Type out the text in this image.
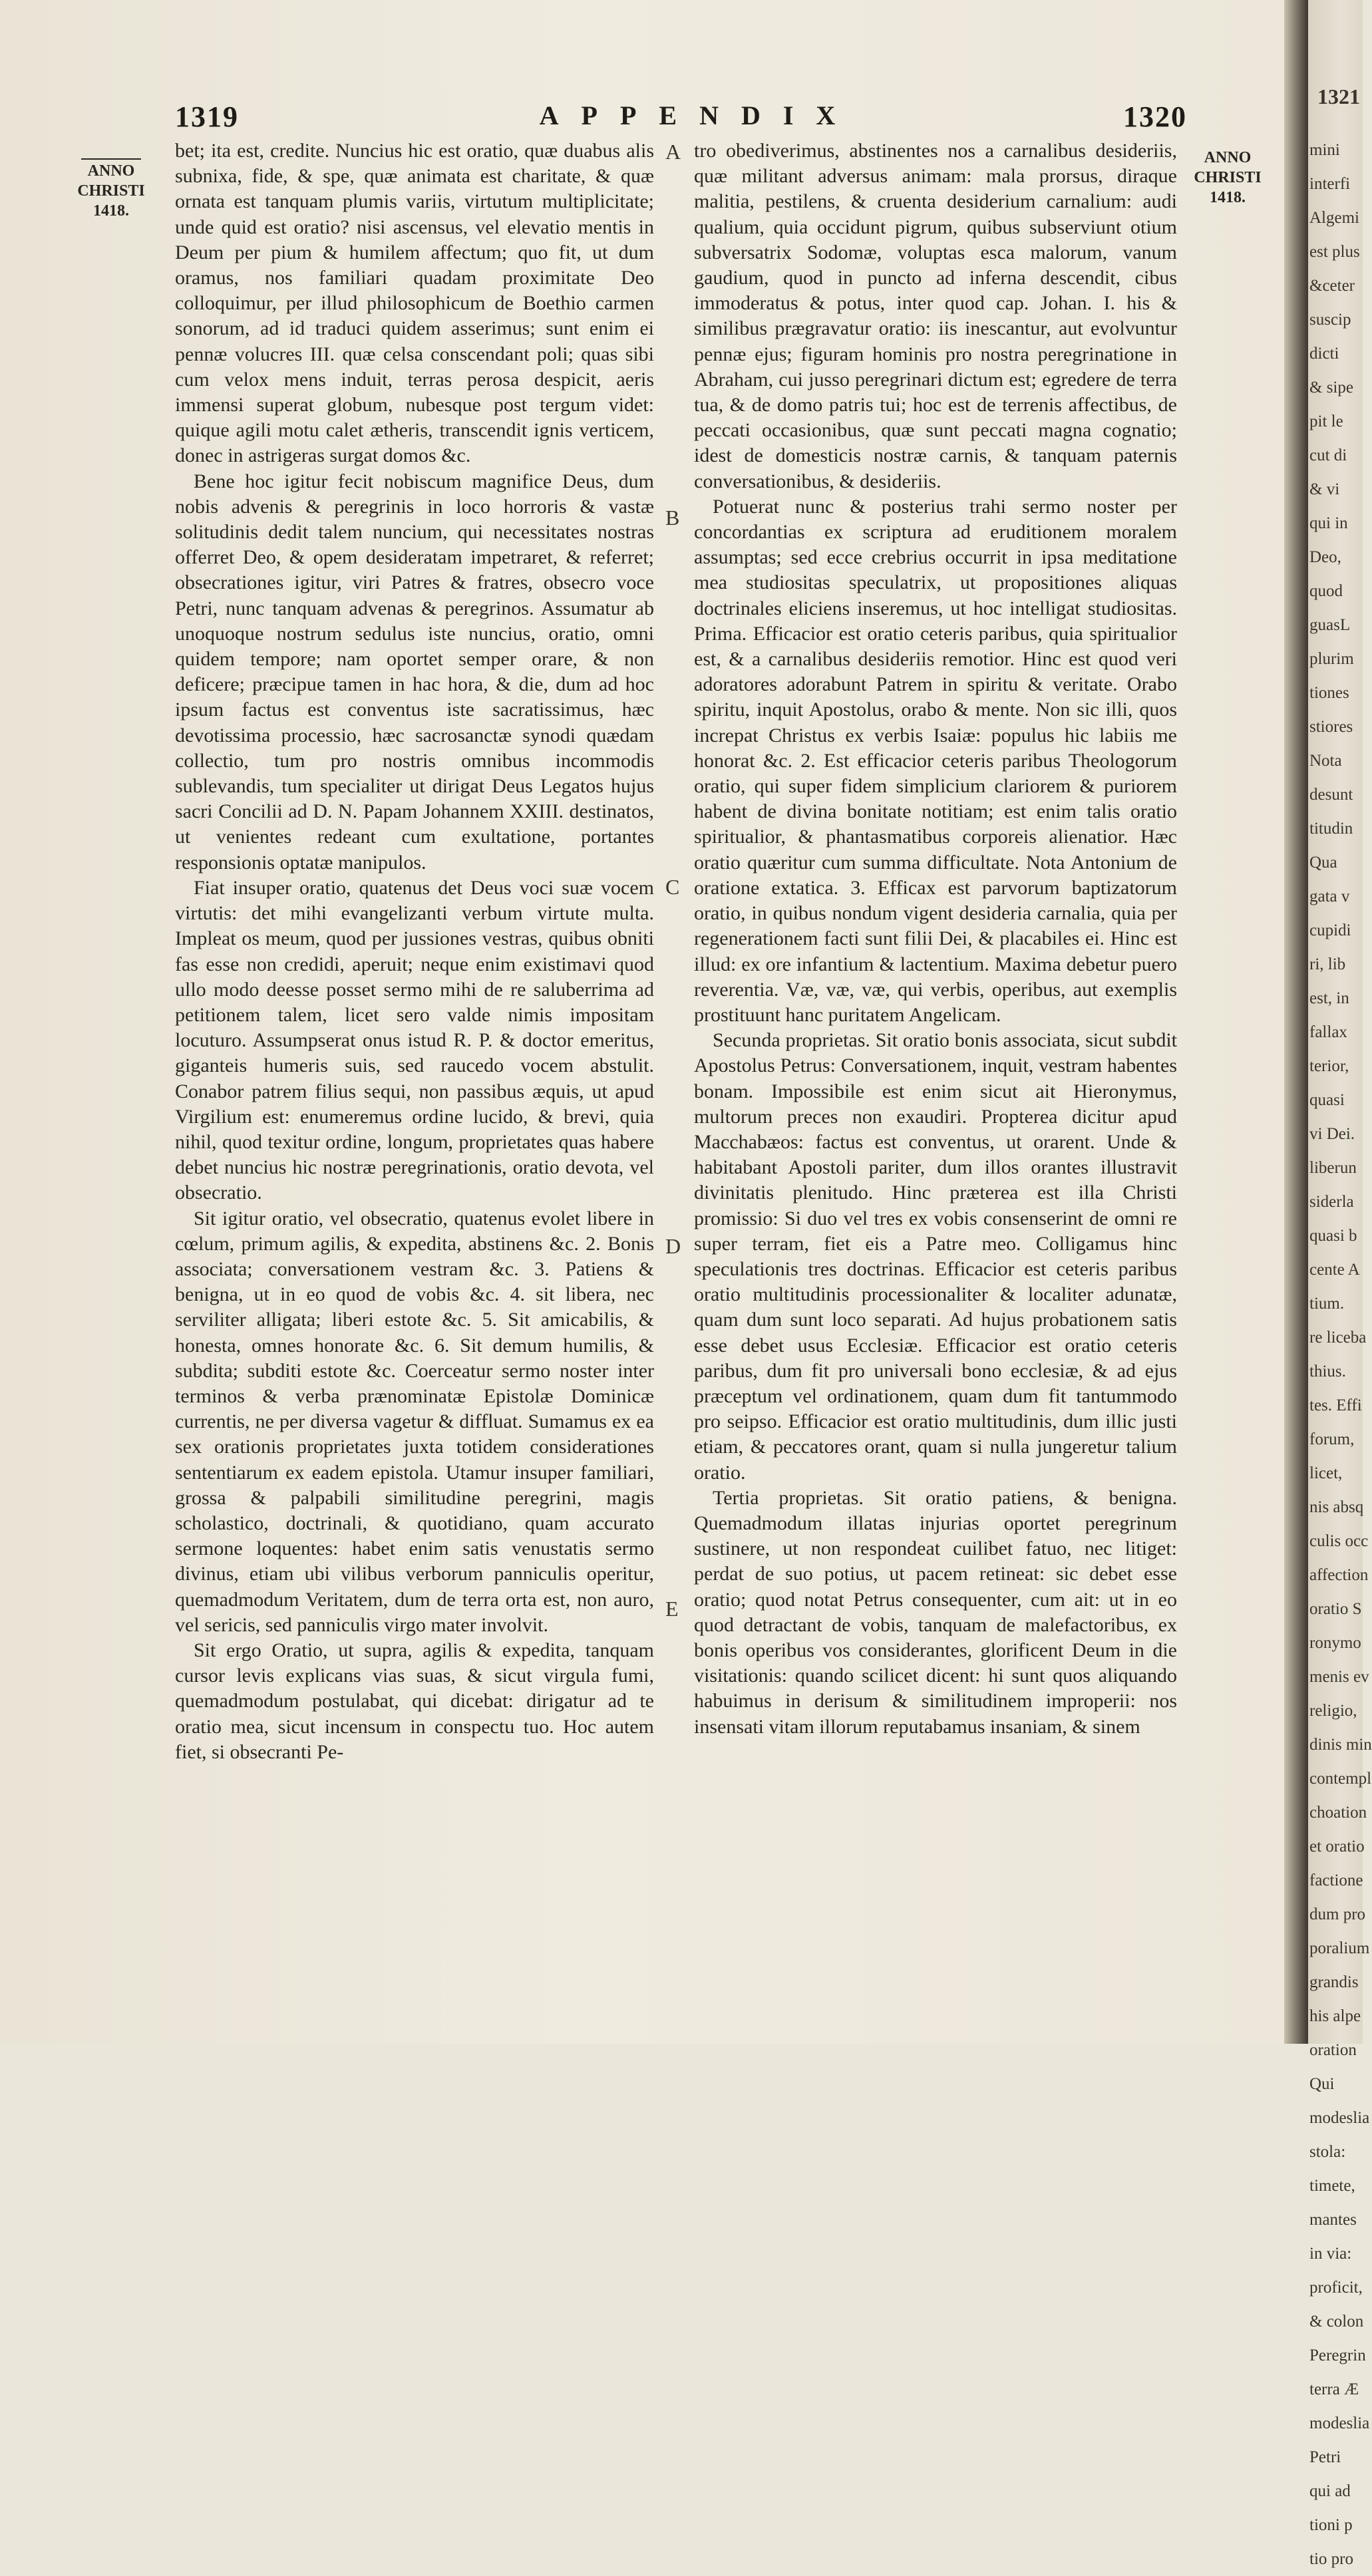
1319	APPENDIX	1320
ANNO
CHRISTI
1418.
ANNO
CHRISTI
1418.
A
B
C
D
E

bet; ita est, credite. Nuncius hic est oratio, quæ duabus alis subnixa, fide, & spe, quæ animata est charitate, & quæ ornata est tanquam plumis variis, virtutum multiplicitate; unde quid est oratio? nisi ascensus, vel elevatio mentis in Deum per pium & humilem affectum; quo fit, ut dum oramus, nos familiari quadam proximitate Deo colloquimur, per illud philosophicum de Boethio carmen sonorum, ad id traduci quidem asserimus; sunt enim ei pennæ volucres III. quæ celsa conscendant poli; quas sibi cum velox mens induit, terras perosa despicit, aeris immensi superat globum, nubesque post tergum videt: quique agili motu calet ætheris, transcendit ignis verticem, donec in astrigeras surgat domos &c.

Bene hoc igitur fecit nobiscum magnifice Deus, dum nobis advenis & peregrinis in loco horroris & vastæ solitudinis dedit talem nuncium, qui necessitates nostras offerret Deo, & opem desideratam impetraret, & referret; obsecrationes igitur, viri Patres & fratres, obsecro voce Petri, nunc tanquam advenas & peregrinos. Assumatur ab unoquoque nostrum sedulus iste nuncius, oratio, omni quidem tempore; nam oportet semper orare, & non deficere; præcipue tamen in hac hora, & die, dum ad hoc ipsum factus est conventus iste sacratissimus, hæc devotissima processio, hæc sacrosanctæ synodi quædam collectio, tum pro nostris omnibus incommodis sublevandis, tum specialiter ut dirigat Deus Legatos hujus sacri Concilii ad D. N. Papam Johannem XXIII. destinatos, ut venientes redeant cum exultatione, portantes responsionis optatæ manipulos.

Fiat insuper oratio, quatenus det Deus voci suæ vocem virtutis: det mihi evangelizanti verbum virtute multa. Impleat os meum, quod per jussiones vestras, quibus obniti fas esse non credidi, aperuit; neque enim existimavi quod ullo modo deesse posset sermo mihi de re saluberrima ad petitionem talem, licet sero valde nimis impositam locuturo. Assumpserat onus istud R. P. & doctor emeritus, giganteis humeris suis, sed raucedo vocem abstulit. Conabor patrem filius sequi, non passibus æquis, ut apud Virgilium est: enumeremus ordine lucido, & brevi, quia nihil, quod texitur ordine, longum, proprietates quas habere debet nuncius hic nostræ peregrinationis, oratio devota, vel obsecratio.

Sit igitur oratio, vel obsecratio, quatenus evolet libere in cœlum, primum agilis, & expedita, abstinens &c. 2. Bonis associata; conversationem vestram &c. 3. Patiens & benigna, ut in eo quod de vobis &c. 4. sit libera, nec serviliter alligata; liberi estote &c. 5. Sit amicabilis, & honesta, omnes honorate &c. 6. Sit demum humilis, & subdita; subditi estote &c. Coerceatur sermo noster inter terminos & verba prænominatæ Epistolæ Dominicæ currentis, ne per diversa vagetur & diffluat. Sumamus ex ea sex orationis proprietates juxta totidem considerationes sententiarum ex eadem epistola. Utamur insuper familiari, grossa & palpabili similitudine peregrini, magis scholastico, doctrinali, & quotidiano, quam accurato sermone loquentes: habet enim satis venustatis sermo divinus, etiam ubi vilibus verborum panniculis operitur, quemadmodum Veritatem, dum de terra orta est, non auro, vel sericis, sed panniculis virgo mater involvit.

Sit ergo Oratio, ut supra, agilis & expedita, tanquam cursor levis explicans vias suas, & sicut virgula fumi, quemadmodum postulabat, qui dicebat: dirigatur ad te oratio mea, sicut incensum in conspectu tuo. Hoc autem fiet, si obsecranti Pe-

tro obediverimus, abstinentes nos a carnalibus desideriis, quæ militant adversus animam: mala prorsus, diraque malitia, pestilens, & cruenta desiderium carnalium: audi qualium, quia occidunt pigrum, quibus subserviunt otium subversatrix Sodomæ, voluptas esca malorum, vanum gaudium, quod in puncto ad inferna descendit, cibus immoderatus & potus, inter quod cap. Johan. I. his & similibus prægravatur oratio: iis inescantur, aut evolvuntur pennæ ejus; figuram hominis pro nostra peregrinatione in Abraham, cui jusso peregrinari dictum est; egredere de terra tua, & de domo patris tui; hoc est de terrenis affectibus, de peccati occasionibus, quæ sunt peccati magna cognatio; idest de domesticis nostræ carnis, & tanquam paternis conversationibus, & desideriis.

Potuerat nunc & posterius trahi sermo noster per concordantias ex scriptura ad eruditionem moralem assumptas; sed ecce crebrius occurrit in ipsa meditatione mea studiositas speculatrix, ut propositiones aliquas doctrinales eliciens inseremus, ut hoc intelligat studiositas. Prima. Efficacior est oratio ceteris paribus, quia spiritualior est, & a carnalibus desideriis remotior. Hinc est quod veri adoratores adorabunt Patrem in spiritu & veritate. Orabo spiritu, inquit Apostolus, orabo & mente. Non sic illi, quos increpat Christus ex verbis Isaiæ: populus hic labiis me honorat &c. 2. Est efficacior ceteris paribus Theologorum oratio, qui super fidem simplicium clariorem & puriorem habent de divina bonitate notitiam; est enim talis oratio spiritualior, & phantasmatibus corporeis alienatior. Hæc oratio quæritur cum summa difficultate. Nota Antonium de oratione extatica. 3. Efficax est parvorum baptizatorum oratio, in quibus nondum vigent desideria carnalia, quia per regenerationem facti sunt filii Dei, & placabiles ei. Hinc est illud: ex ore infantium & lactentium. Maxima debetur puero reverentia. Væ, væ, væ, qui verbis, operibus, aut exemplis prostituunt hanc puritatem Angelicam.

Secunda proprietas. Sit oratio bonis associata, sicut subdit Apostolus Petrus: Conversationem, inquit, vestram habentes bonam. Impossibile est enim sicut ait Hieronymus, multorum preces non exaudiri. Propterea dicitur apud Macchabæos: factus est conventus, ut orarent. Unde & habitabant Apostoli pariter, dum illos orantes illustravit divinitatis plenitudo. Hinc præterea est illa Christi promissio: Si duo vel tres ex vobis consenserint de omni re super terram, fiet eis a Patre meo. Colligamus hinc speculationis tres doctrinas. Efficacior est ceteris paribus oratio multitudinis processionaliter & localiter adunatæ, quam dum sunt loco separati. Ad hujus probationem satis esse debet usus Ecclesiæ. Efficacior est oratio ceteris paribus, dum fit pro universali bono ecclesiæ, & ad ejus præceptum vel ordinationem, quam dum fit tantummodo pro seipso. Efficacior est oratio multitudinis, dum illic justi etiam, & peccatores orant, quam si nulla jungeretur talium oratio.

Tertia proprietas. Sit oratio patiens, & benigna. Quemadmodum illatas injurias oportet peregrinum sustinere, ut non respondeat cuilibet fatuo, nec litiget: perdat de suo potius, ut pacem retineat: sic debet esse oratio; quod notat Petrus consequenter, cum ait: ut in eo quod detractant de vobis, tanquam de malefactoribus, ex bonis operibus vos considerantes, glorificent Deum in die visitationis: quando scilicet dicent: hi sunt quos aliquando habuimus in derisum & similitudinem improperii: nos insensati vitam illorum reputabamus insaniam, & sinem

1321
mini
interfi
Algemi
est plus
&ceter
suscip
dicti
& sipe
pit le
cut di
& vi
qui in
Deo,
quod
guasL
plurim
tiones
stiores
Nota
desunt
titudin
Qua
gata v
cupidi
ri, lib
est, in
fallax
terior,
quasi
vi Dei.
liberun
siderla
quasi b
cente A
tium.
re liceba
thius.
tes. Effi
forum,
licet,
nis absq
culis occ
affection
oratio S
ronymo
menis ev
religio,
dinis min
contempl
choation
et oratio
factione
dum pro
poralium
grandis
his alpe
oration
Qui
modeslia
stola:
timete,
mantes
in via:
proficit,
& colon
Peregrin
terra Æ
modeslia
Petri
qui ad
tioni p
tio pro
